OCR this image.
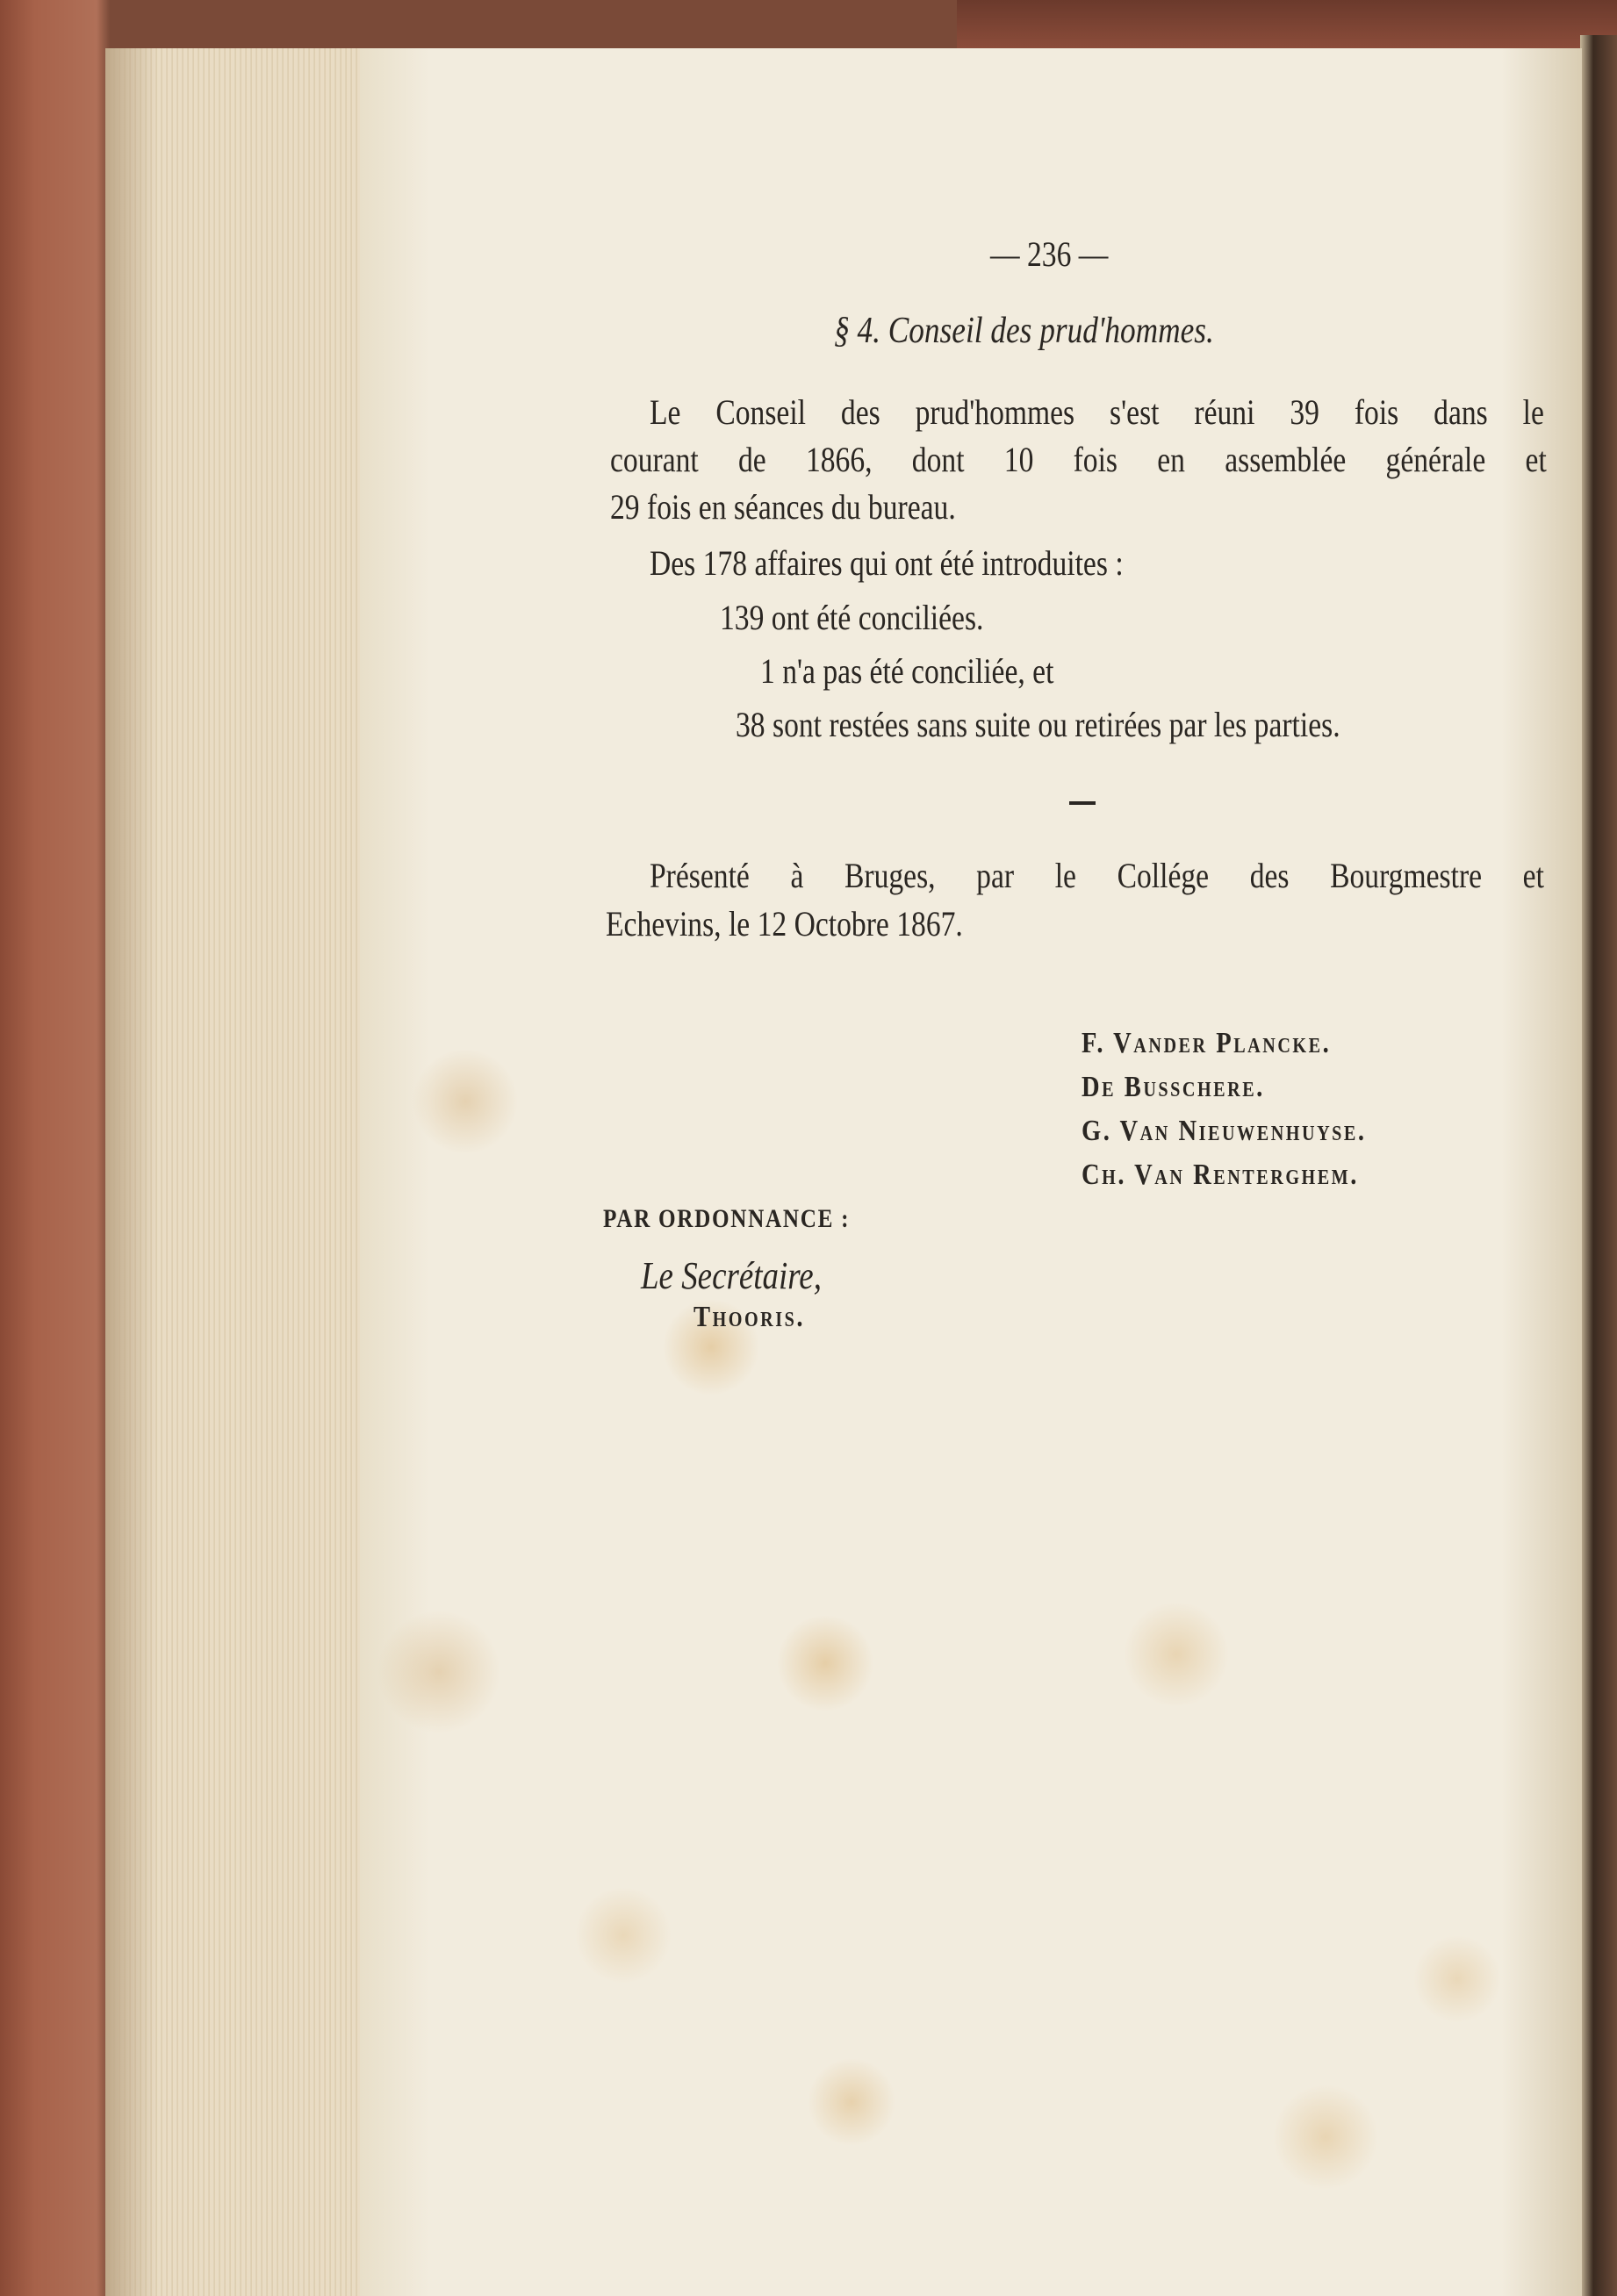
— 236 —
§ 4. Conseil des prud'hommes.
Le Conseil des prud'hommes s'est réuni 39 fois dans le
courant de 1866, dont 10 fois en assemblée générale et
29 fois en séances du bureau.
Des 178 affaires qui ont été introduites :
139 ont été conciliées.
1 n'a pas été conciliée, et
38 sont restées sans suite ou retirées par les parties.
Présenté à Bruges, par le Collége des Bourgmestre et
Echevins, le 12 Octobre 1867.
F. Vander Plancke.
De Busschere.
G. Van Nieuwenhuyse.
Ch. Van Renterghem.
PAR ORDONNANCE :
Le Secrétaire,
Thooris.
